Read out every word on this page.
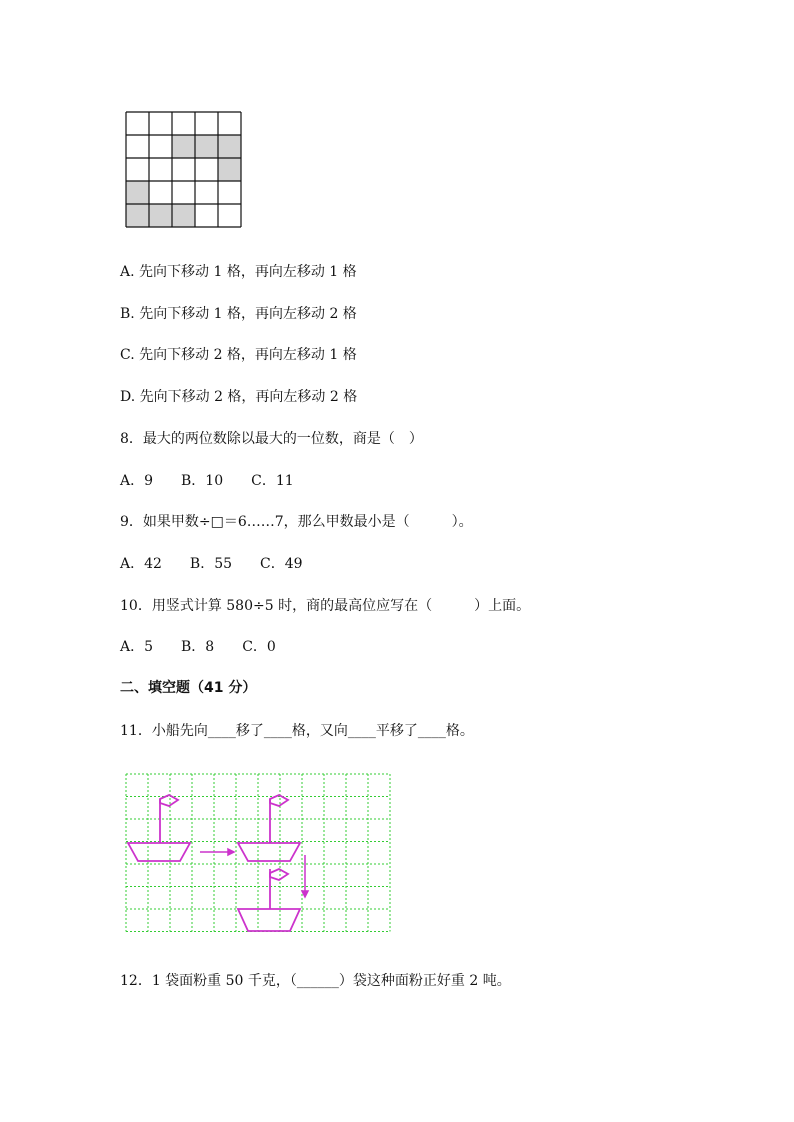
A. 先向下移动 1 格，再向左移动 1 格
B. 先向下移动 1 格，再向左移动 2 格
C. 先向下移动 2 格，再向左移动 1 格
D. 先向下移动 2 格，再向左移动 2 格
8．最大的两位数除以最大的一位数，商是（　）
A．9　　B．10　　C．11
9．如果甲数÷□＝6……7，那么甲数最小是（　　　）。
A．42　　B．55　　C．49
10．用竖式计算 580÷5 时，商的最高位应写在（　　　）上面。
A．5　　B．8　　C．0
二、填空题（41 分）
11．小船先向____移了____格，又向____平移了____格。
12．1 袋面粉重 50 千克，（______）袋这种面粉正好重 2 吨。
